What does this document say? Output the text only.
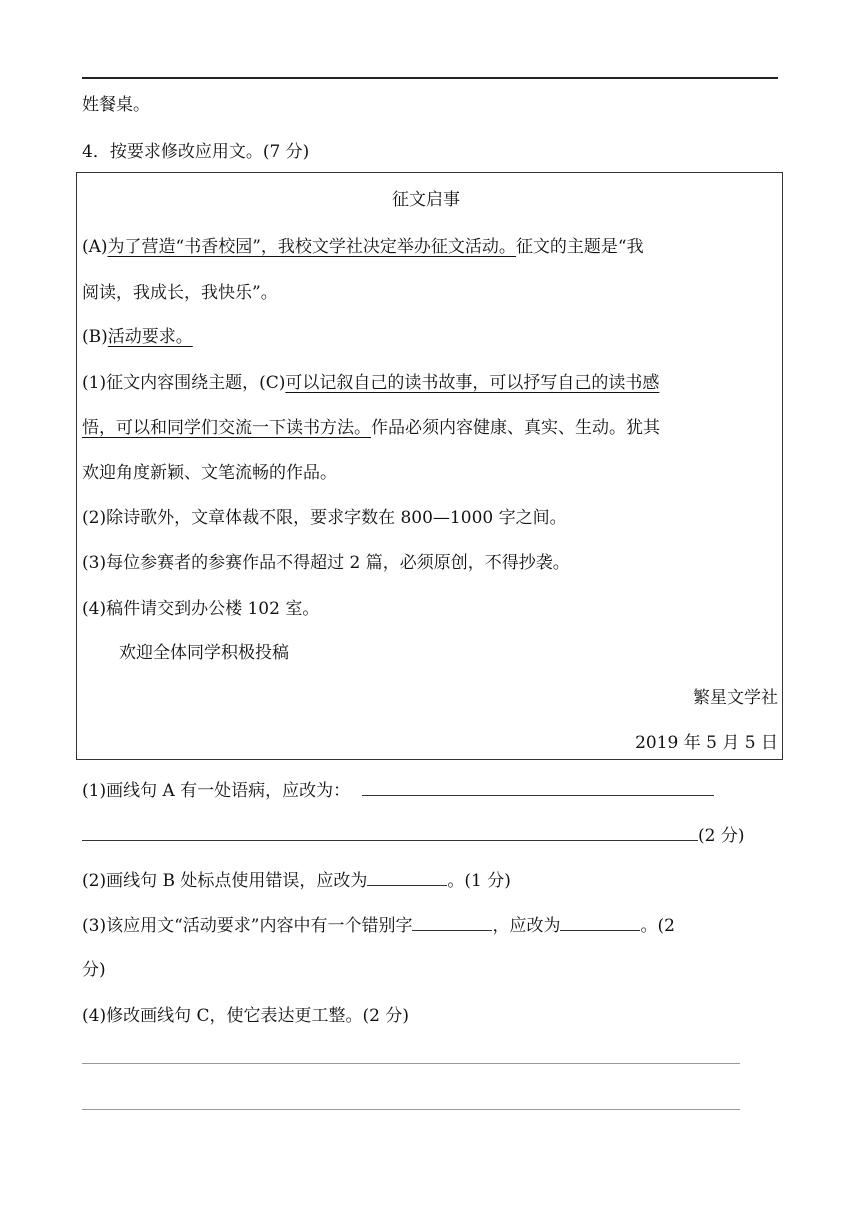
姓餐桌。
4．按要求修改应用文。(7 分)
征文启事
(A)为了营造“书香校园”，我校文学社决定举办征文活动。征文的主题是“我
阅读，我成长，我快乐”。
(B)活动要求。
(1)征文内容围绕主题，(C)可以记叙自己的读书故事，可以抒写自己的读书感
悟，可以和同学们交流一下读书方法。作品必须内容健康、真实、生动。犹其
欢迎角度新颖、文笔流畅的作品。
(2)除诗歌外，文章体裁不限，要求字数在 800—1000 字之间。
(3)每位参赛者的参赛作品不得超过 2 篇，必须原创，不得抄袭。
(4)稿件请交到办公楼 102 室。
欢迎全体同学积极投稿
繁星文学社
2019 年 5 月 5 日
(1)画线句 A 有一处语病，应改为：
(2 分)
(2)画线句 B 处标点使用错误，应改为	。(1 分)
(3)该应用文“活动要求”内容中有一个错别字	，应改为	。(2
分)
(4)修改画线句 C，使它表达更工整。(2 分)
